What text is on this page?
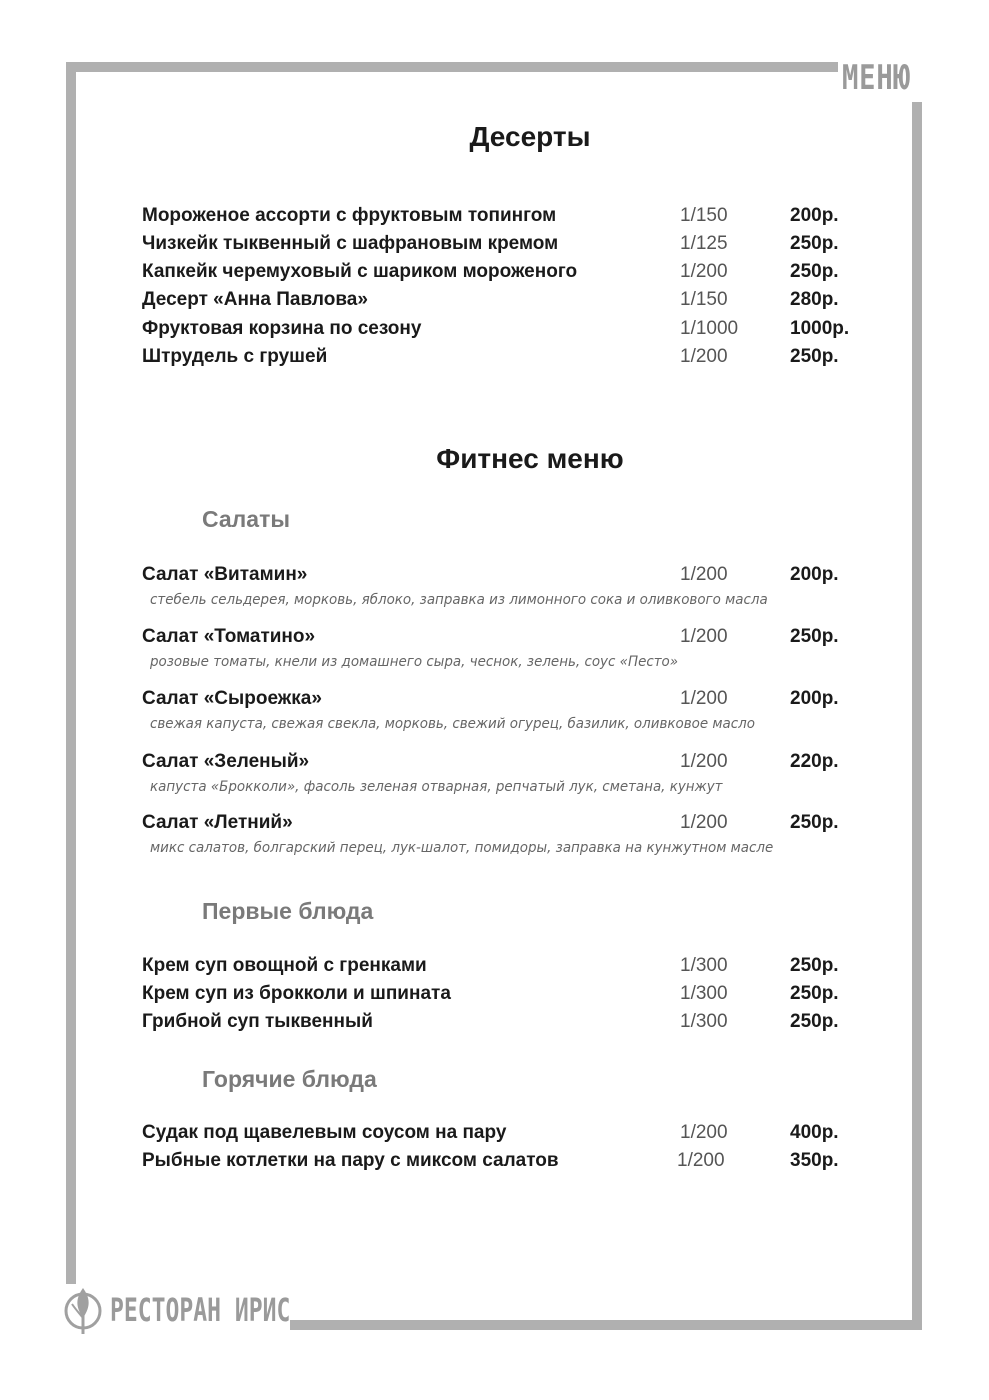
МЕНЮ
Десерты
Мороженое ассорти с фруктовым топингом	1/150	200р.
Чизкейк тыквенный с шафрановым кремом	1/125	250р.
Капкейк черемуховый с шариком мороженого	1/200	250р.
Десерт «Анна Павлова»	1/150	280р.
Фруктовая корзина по сезону	1/1000	1000р.
Штрудель с грушей	1/200	250р.
Фитнес меню
Салаты
Салат «Витамин»	1/200	200р.
стебель сельдерея, морковь, яблоко, заправка из лимонного сока и оливкового масла
Салат «Томатино»	1/200	250р.
розовые томаты, кнели из домашнего сыра, чеснок, зелень, соус «Песто»
Салат «Сыроежка»	1/200	200р.
свежая капуста, свежая свекла, морковь, свежий огурец, базилик, оливковое масло
Салат «Зеленый»	1/200	220р.
капуста «Брокколи», фасоль зеленая отварная, репчатый лук, сметана, кунжут
Салат «Летний»	1/200	250р.
микс салатов, болгарский перец, лук-шалот, помидоры, заправка на кунжутном масле
Первые блюда
Крем суп овощной с гренками	1/300	250р.
Крем суп из брокколи и шпината	1/300	250р.
Грибной суп тыквенный	1/300	250р.
Горячие блюда
Судак под щавелевым соусом на пару	1/200	400р.
Рыбные котлетки на пару с миксом салатов	1/200	350р.
РЕСТОРАН ИРИС
